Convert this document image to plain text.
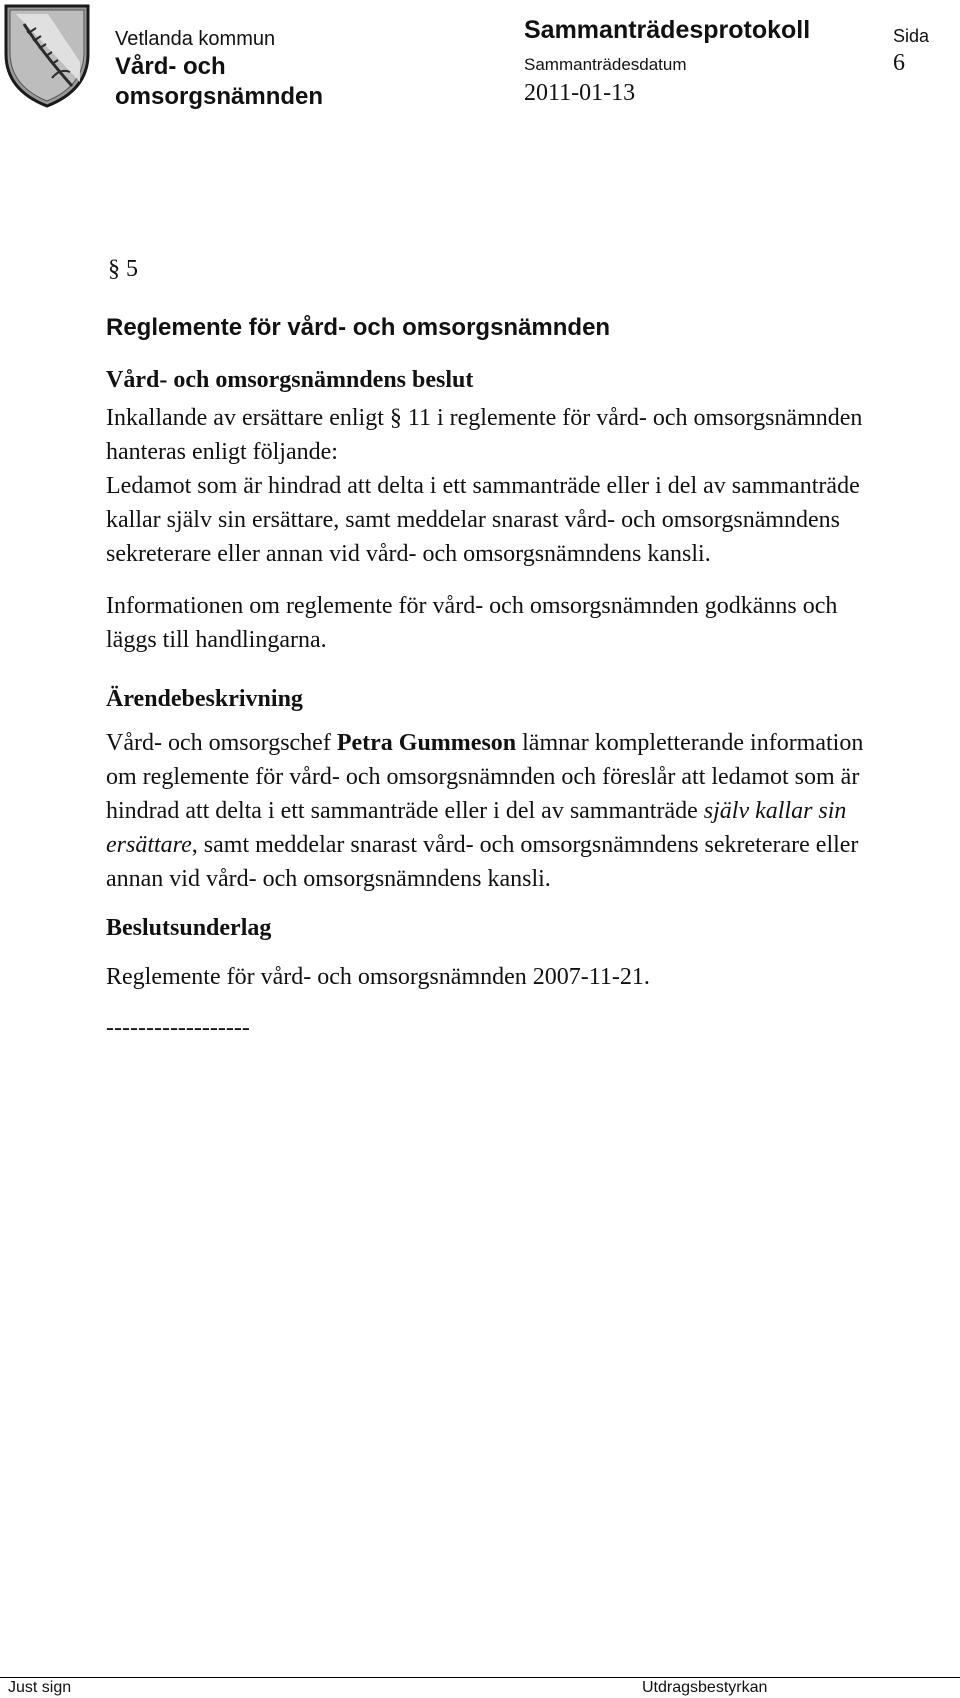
Vetlanda kommun
Vård- och
omsorgsnämnden
Sammanträdesprotokoll
Sammanträdesdatum
2011-01-13
Sida
6
§ 5
Reglemente för vård- och omsorgsnämnden
Vård- och omsorgsnämndens beslut

Inkallande av ersättare enligt § 11 i reglemente för vård- och omsorgsnämnden

hanteras enligt följande:

Ledamot som är hindrad att delta i ett sammanträde eller i del av sammanträde

kallar själv sin ersättare, samt meddelar snarast vård- och omsorgsnämndens

sekreterare eller annan vid vård- och omsorgsnämndens kansli.

Informationen om reglemente för vård- och omsorgsnämnden godkänns och

läggs till handlingarna.

Ärendebeskrivning

Vård- och omsorgschef Petra Gummeson lämnar kompletterande information

om reglemente för vård- och omsorgsnämnden och föreslår att ledamot som är

hindrad att delta i ett sammanträde eller i del av sammanträde själv kallar sin

ersättare, samt meddelar snarast vård- och omsorgsnämndens sekreterare eller

annan vid vård- och omsorgsnämndens kansli.

Beslutsunderlag
Reglemente för vård- och omsorgsnämnden 2007-11-21.
------------------
Just sign	Utdragsbestyrkan
